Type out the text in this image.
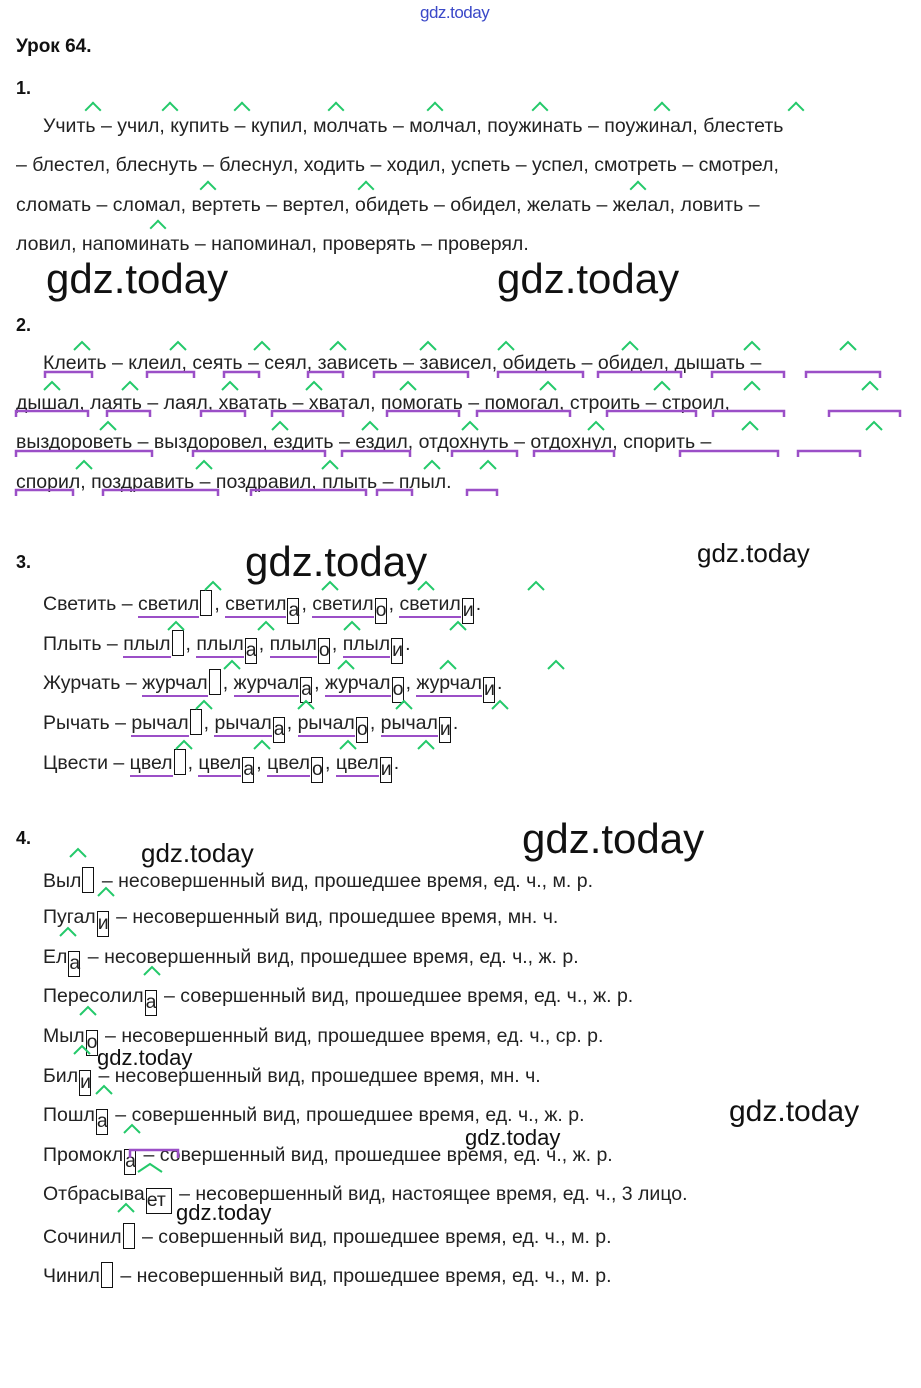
gdz.today
Урок 64.
1.
Учить – учил, купить – купил, молчать – молчал, поужинать – поужинал, блестеть
– блестел, блеснуть – блеснул, ходить – ходил, успеть – успел, смотреть – смотрел,
сломать – сломал, вертеть – вертел, обидеть – обидел, желать – желал, ловить –
ловил, напоминать – напоминал, проверять – проверял.
gdz.today	gdz.today
2.
Клеить – клеил, сеять – сеял, зависеть – зависел, обидеть – обидел, дышать –
дышал, лаять – лаял, хватать – хватал, помогать – помогал, строить – строил,
выздороветь – выздоровел, ездить – ездил, отдохнуть – отдохнул, спорить –
спорил, поздравить – поздравил, плыть – плыл.
3.	gdz.today	gdz.today
Светить – светил , светил а , светил о , светил и .
Плыть – плыл , плыл а , плыл о , плыл и .
Журчать – журчал , журчал а , журчал о , журчал и .
Рычать – рычал , рычал а , рычал о , рычал и .
Цвести – цвел , цвел а , цвел о , цвел и .
4.	gdz.today
gdz.today
Выл – несовершенный вид, прошедшее время, ед. ч., м. р.
Пугал и – несовершенный вид, прошедшее время, мн. ч.
Ел а – несовершенный вид, прошедшее время, ед. ч., ж. р.
Пересолил а – совершенный вид, прошедшее время, ед. ч., ж. р.
Мыл о – несовершенный вид, прошедшее время, ед. ч., ср. р.
gdz.today
Бил и – несовершенный вид, прошедшее время, мн. ч.
Пошл а – совершенный вид, прошедшее время, ед. ч., ж. р.	gdz.today
gdz.today
Промокл а – совершенный вид, прошедшее время, ед. ч., ж. р.
Отбрасыва ет – несовершенный вид, настоящее время, ед. ч., 3 лицо.
gdz.today
Сочинил – совершенный вид, прошедшее время, ед. ч., м. р.
Чинил – несовершенный вид, прошедшее время, ед. ч., м. р.
